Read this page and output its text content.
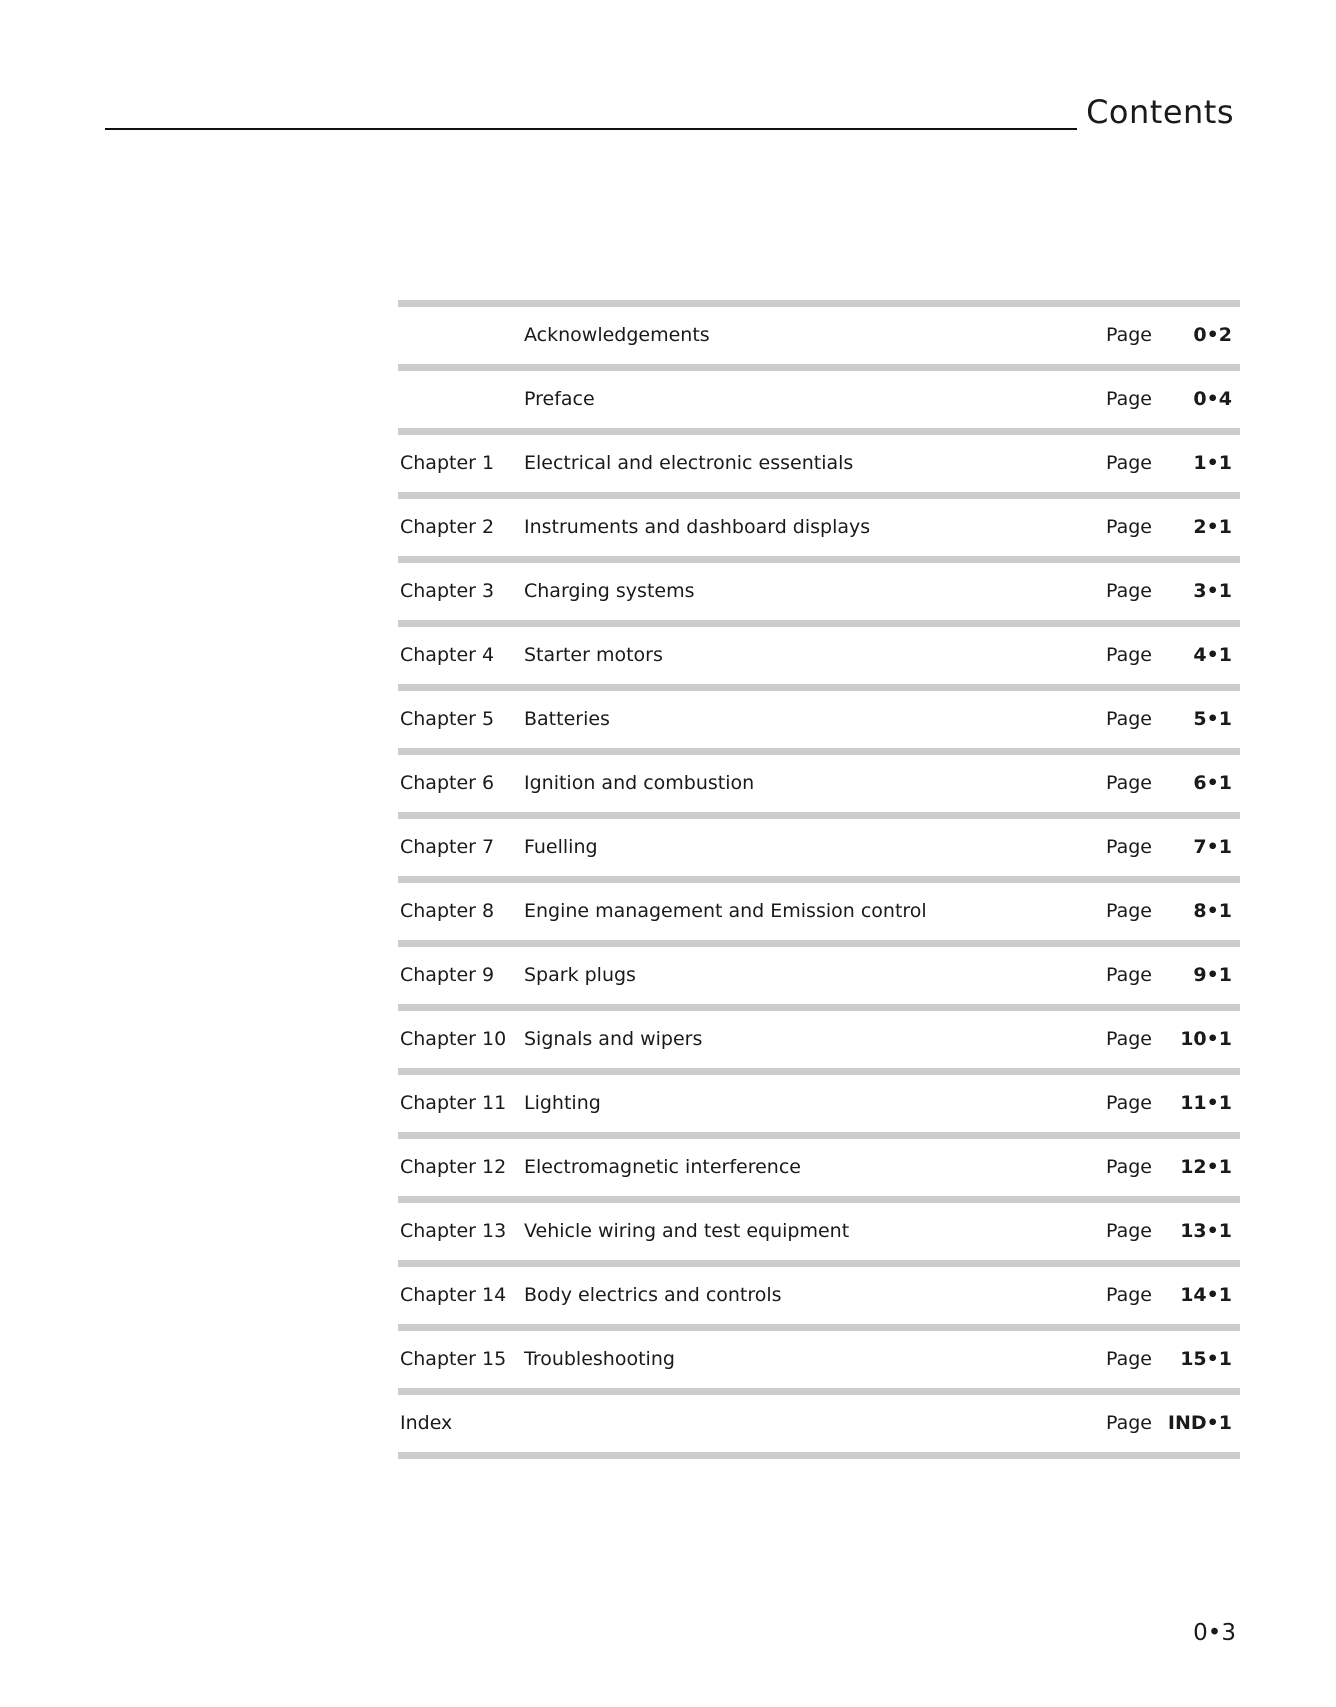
Contents
Acknowledgements	Page 0•2
Preface	Page 0•4
Chapter 1 Electrical and electronic essentials	Page 1•1
Chapter 2 Instruments and dashboard displays	Page 2•1
Chapter 3 Charging systems	Page 3•1
Chapter 4 Starter motors	Page 4•1
Chapter 5 Batteries	Page 5•1
Chapter 6 Ignition and combustion	Page 6•1
Chapter 7 Fuelling	Page 7•1
Chapter 8 Engine management and Emission control	Page 8•1
Chapter 9 Spark plugs	Page 9•1
Chapter 10 Signals and wipers	Page 10•1
Chapter 11 Lighting	Page 11•1
Chapter 12 Electromagnetic interference	Page 12•1
Chapter 13 Vehicle wiring and test equipment	Page 13•1
Chapter 14 Body electrics and controls	Page 14•1
Chapter 15 Troubleshooting	Page 15•1
Index	Page IND•1
0•3
